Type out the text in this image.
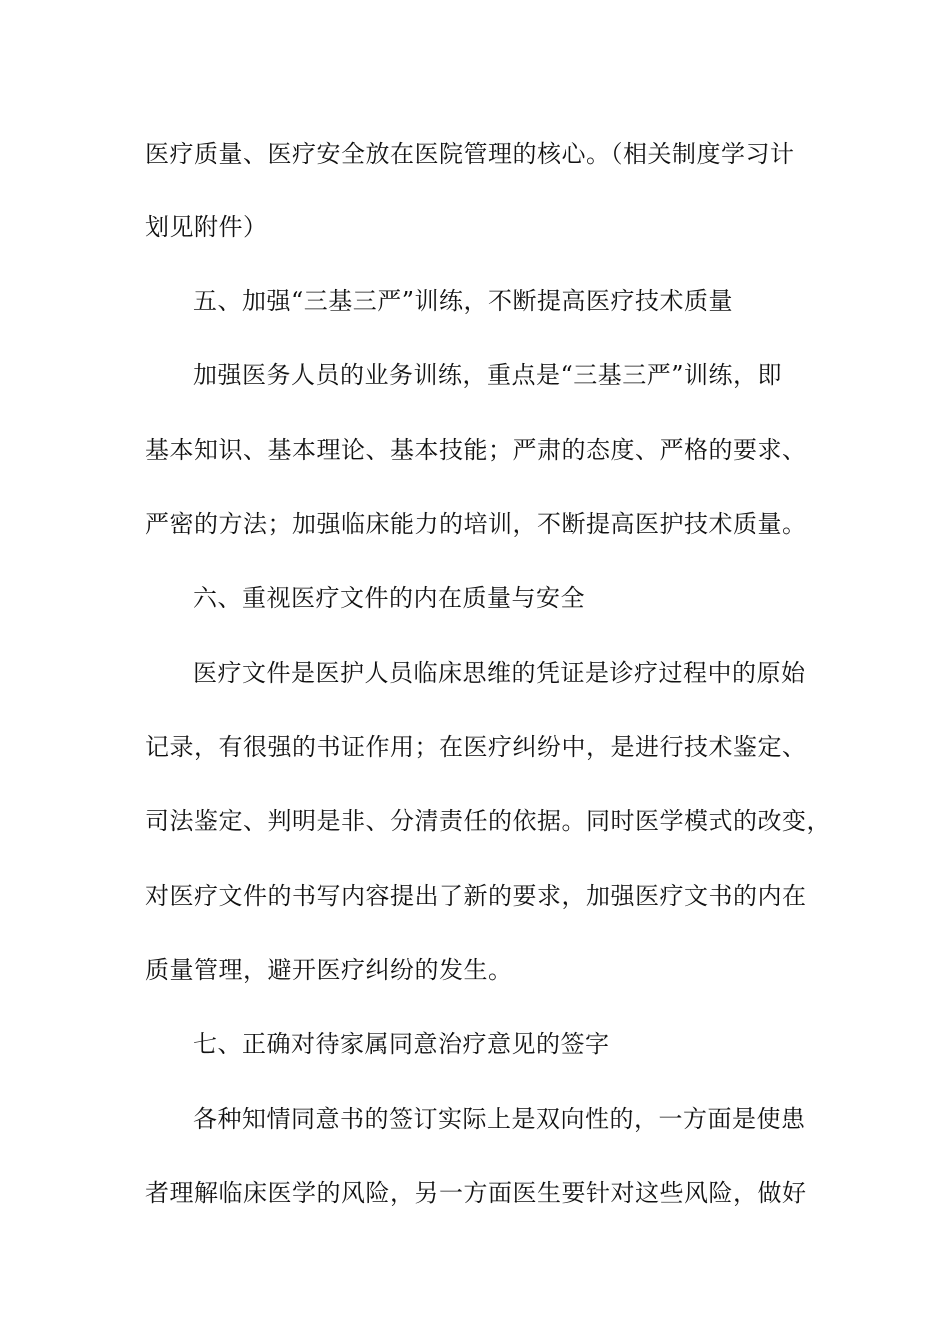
医疗质量、医疗安全放在医院管理的核心。（相关制度学习计
划见附件）
五、加强“三基三严”训练，不断提高医疗技术质量
加强医务人员的业务训练，重点是“三基三严”训练，即
基本知识、基本理论、基本技能；严肃的态度、严格的要求、
严密的方法；加强临床能力的培训，不断提高医护技术质量。
六、重视医疗文件的内在质量与安全
医疗文件是医护人员临床思维的凭证是诊疗过程中的原始
记录，有很强的书证作用；在医疗纠纷中，是进行技术鉴定、
司法鉴定、判明是非、分清责任的依据。同时医学模式的改变，
对医疗文件的书写内容提出了新的要求，加强医疗文书的内在
质量管理，避开医疗纠纷的发生。
七、正确对待家属同意治疗意见的签字
各种知情同意书的签订实际上是双向性的，一方面是使患
者理解临床医学的风险，另一方面医生要针对这些风险，做好
